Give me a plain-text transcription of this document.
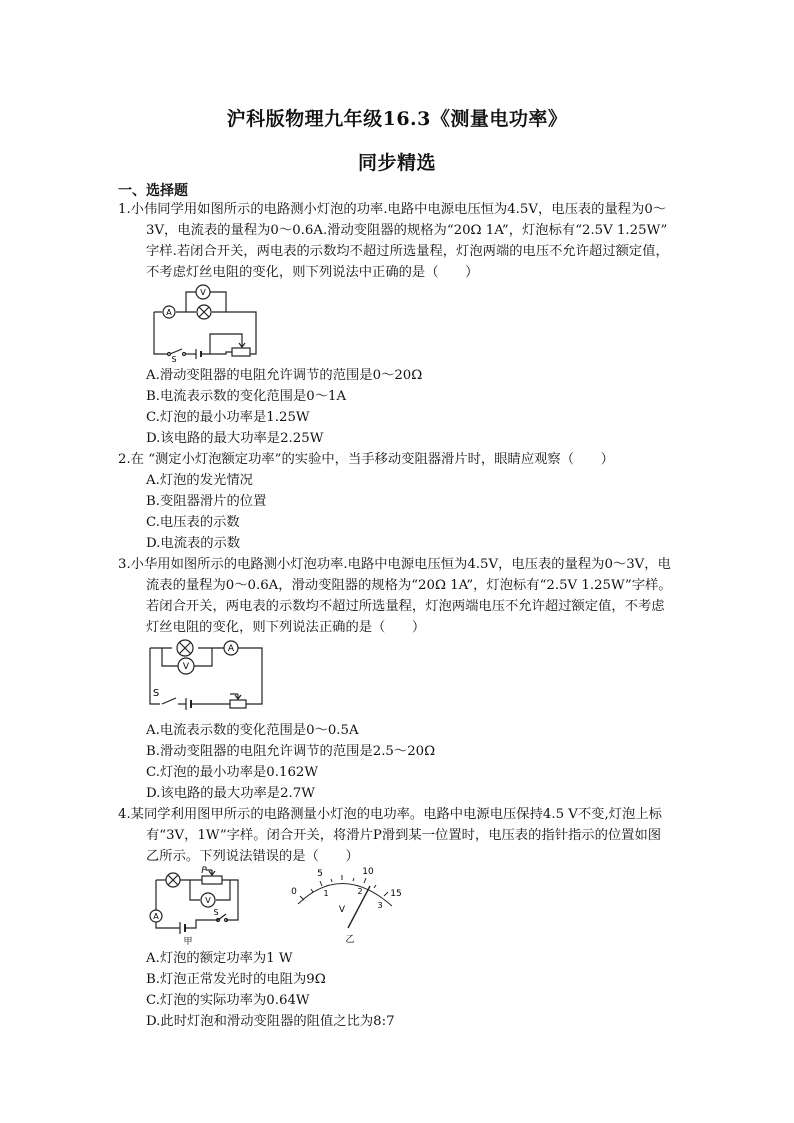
沪科版物理九年级16.3《测量电功率》
同步精选
一、选择题
1.小伟同学用如图所示的电路测小灯泡的功率.电路中电源电压恒为4.5V，电压表的量程为0～
3V，电流表的量程为0～0.6A.滑动变阻器的规格为“20Ω 1A”，灯泡标有“2.5V 1.25W”
字样.若闭合开关，两电表的示数均不超过所选量程，灯泡两端的电压不允许超过额定值，
不考虑灯丝电阻的变化，则下列说法中正确的是（　　）
V
A
S
A.滑动变阻器的电阻允许调节的范围是0～20Ω
B.电流表示数的变化范围是0～1A
C.灯泡的最小功率是1.25W
D.该电路的最大功率是2.25W
2.在 “测定小灯泡额定功率”的实验中，当手移动变阻器滑片时，眼睛应观察（　　）
A.灯泡的发光情况
B.变阻器滑片的位置
C.电压表的示数
D.电流表的示数
3.小华用如图所示的电路测小灯泡功率.电路中电源电压恒为4.5V，电压表的量程为0～3V，电
流表的量程为0～0.6A，滑动变阻器的规格为“20Ω 1A”，灯泡标有“2.5V 1.25W”字样。
若闭合开关，两电表的示数均不超过所选量程，灯泡两端电压不允许超过额定值，不考虑
灯丝电阻的变化，则下列说法正确的是（　　）
A
V
S
A.电流表示数的变化范围是0～0.5A
B.滑动变阻器的电阻允许调节的范围是2.5～20Ω
C.灯泡的最小功率是0.162W
D.该电路的最大功率是2.7W
4.某同学利用图甲所示的电路测量小灯泡的电功率。电路中电源电压保持4.5 V不变,灯泡上标
有“3V，1W”字样。闭合开关，将滑片P滑到某一位置时，电压表的指针指示的位置如图
乙所示。下列说法错误的是（　　）
P
A
V
S
甲
0
5	10
15
1	2
3
V
乙
A.灯泡的额定功率为1 W
B.灯泡正常发光时的电阻为9Ω
C.灯泡的实际功率为0.64W
D.此时灯泡和滑动变阻器的阻值之比为8:7
